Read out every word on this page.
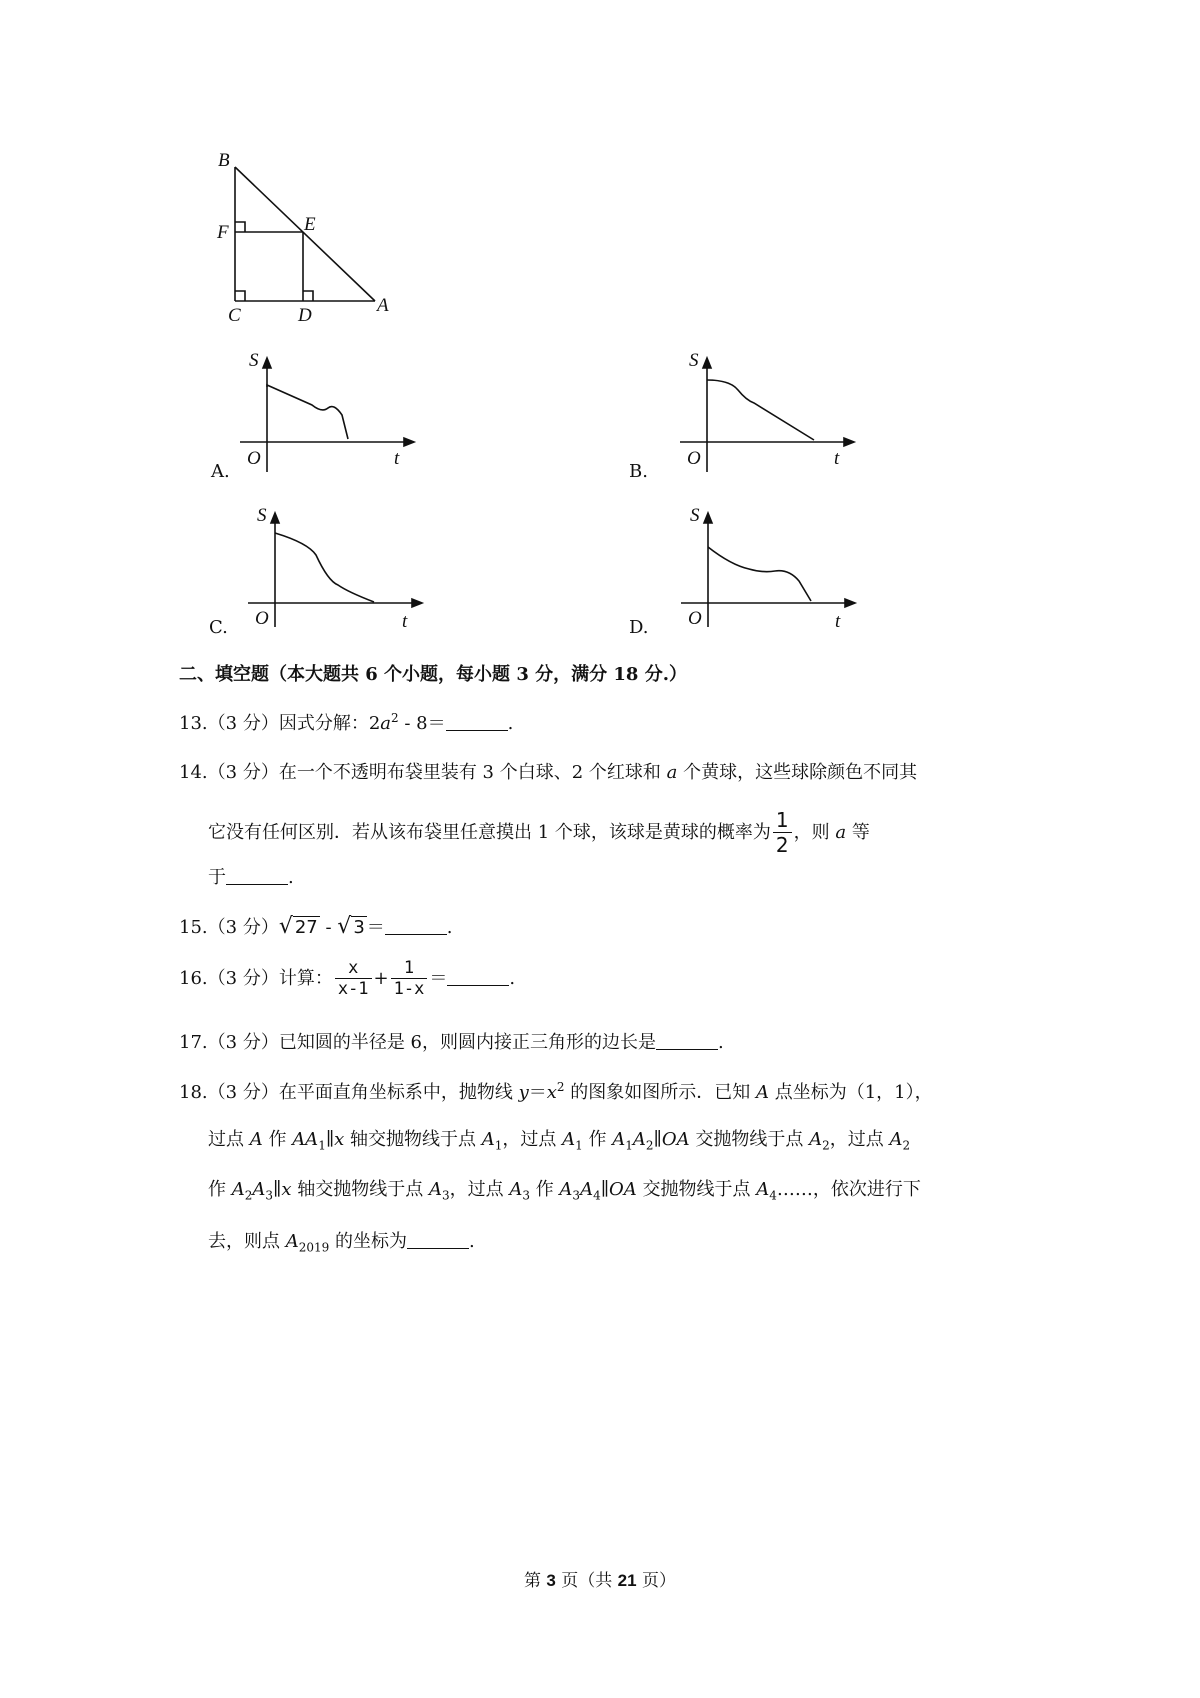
B
F	E
C	D	A
S
O	t
A.
S
O	t
B.
S
O	t
C.
S
O	t
D.
二、填空题（本大题共 6 个小题，每小题 3 分，满分 18 分.）
13.（3 分）因式分解：$2a^2 - 8=$	.
14.（3 分）在一个不透明布袋里装有 3 个白球、2 个红球和 a 个黄球，这些球除颜色不同其
它没有任何区别．若从该布袋里任意摸出 1 个球，该球是黄球的概率为 $\frac{1}{2}$ ，则 a 等
于	.
15.（3 分）√ 27 - √ 3 ＝	.
16.（3 分）计算： $\frac{x}{x-1} + \frac{1}{1-x}$ ＝	.
17.（3 分）已知圆的半径是 6，则圆内接正三角形的边长是	.
18.（3 分）在平面直角坐标系中，抛物线 $y=x^2$ 的图象如图所示．已知 A 点坐标为（1，1），
过点 A 作 $AA_1\parallel x$ 轴交抛物线于点 $A_1$，过点 $A_1$ 作 $A_1A_2\parallel OA$ 交抛物线于点 $A_2$，过点 $A_2$
作 $A_2A_3\parallel x$ 轴交抛物线于点 $A_3$，过点 $A_3$ 作 $A_3A_4\parallel OA$ 交抛物线于点 $A_4\dots\dots$，依次进行下
去，则点 $A_{2019}$ 的坐标为	.
第 3 页（共 21 页）
